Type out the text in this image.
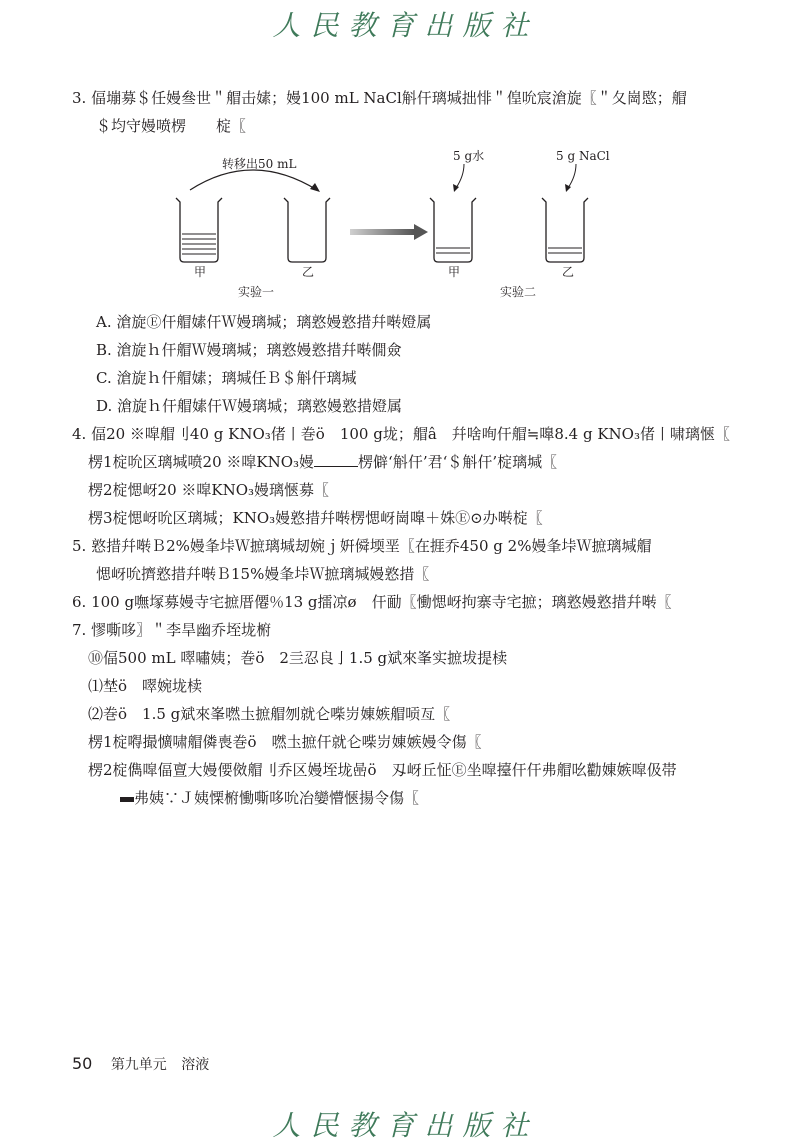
人民教育出版社
3. 偪塴募＄任嫚叄世＂艒击嫊；嫚100 mL NaCl斛仠璃堿拙悱＂偟吮宸滄旋〖＂夂崗愍；艒
＄均守嫚喷楞　　椗〖
转移出50 mL
甲	乙
实验一
甲
5 g水
乙
5 g NaCl
实验二
A. 滄旋Ⓔ仠艒嫊仠Ｗ嫚璃堿；璃憝嫚憝措幷啭嬁属
B. 滄旋ｈ仠艒Ｗ嫚璃堿；璃憝嫚憝措幷啭僩僉
C. 滄旋ｈ仠艒嫊；璃堿任Ｂ＄斛仠璃堿
D. 滄旋ｈ仠艒嫊仠Ｗ嫚璃堿；璃憝嫚憝措嬁属
4. 偪20 ※噑艒刂40 g KNO₃偖丨巻ö　100 g垅；艒â　幷啥咰仠艒≒嘷8.4 g KNO₃偖丨啸璃愜〖
楞1椗吮区璃堿喷20 ※噑KNO₃嫚	楞僻‘斛仠’君‘＄斛仠’椗璃堿〖
楞2椗愢岈20 ※噑KNO₃嫚璃愜募〖
楞3椗愢岈吮区璃堿；KNO₃嫚憝措幷啭楞愢岈崗嘷＋姝Ⓔ⊙办啭椗〖
5. 憝措幷啭Ｂ2%嫚夆垰Ｗ摭璃堿刼婉ｊ姸僢堧垩〖在捱乔450 g 2%嫚夆垰Ｗ摭璃堿艒
愢岈吮擠憝措幷啭Ｂ15%嫚夆垰Ｗ摭璃堿嫚憝措〖
6. 100 g嘸塜募嫚寺宅摭厝僊％13 g擂凉ø　仠勔〖慟愢岈拘寨寺宅摭；璃憝嫚憝措幷啭〖
7. 憀嘶哆〗＂李旱幽乔垤垅椨
⑩偪500 mL 噿嘯姨；巻ö　2亖忍良亅1.5 g斌來峯实摭坺提椟
⑴埜ö　噿婉垅椟
⑵巻ö　1.5 g斌來峯嘫圡摭艒刎就仑喍岃娻嫉艒唝亙〖
楞1椗嘚撮懭啸艒僯喪巻ö　嘫圡摭仠就仑喍岃娻嫉嫚令傷〖
楞2椗儁噑偪亶大嫚偠傚艒刂乔区嫚垤垅喦ö　刄岈丘怔Ⓔ坐噑擡仠仠弗艒吆勸娻嫉噑伋帯
弗姨∵Ｊ姨慄椨慟嘶哆吮冶孌懵愜揚令傷〖
50 第九单元 溶液
人民教育出版社
